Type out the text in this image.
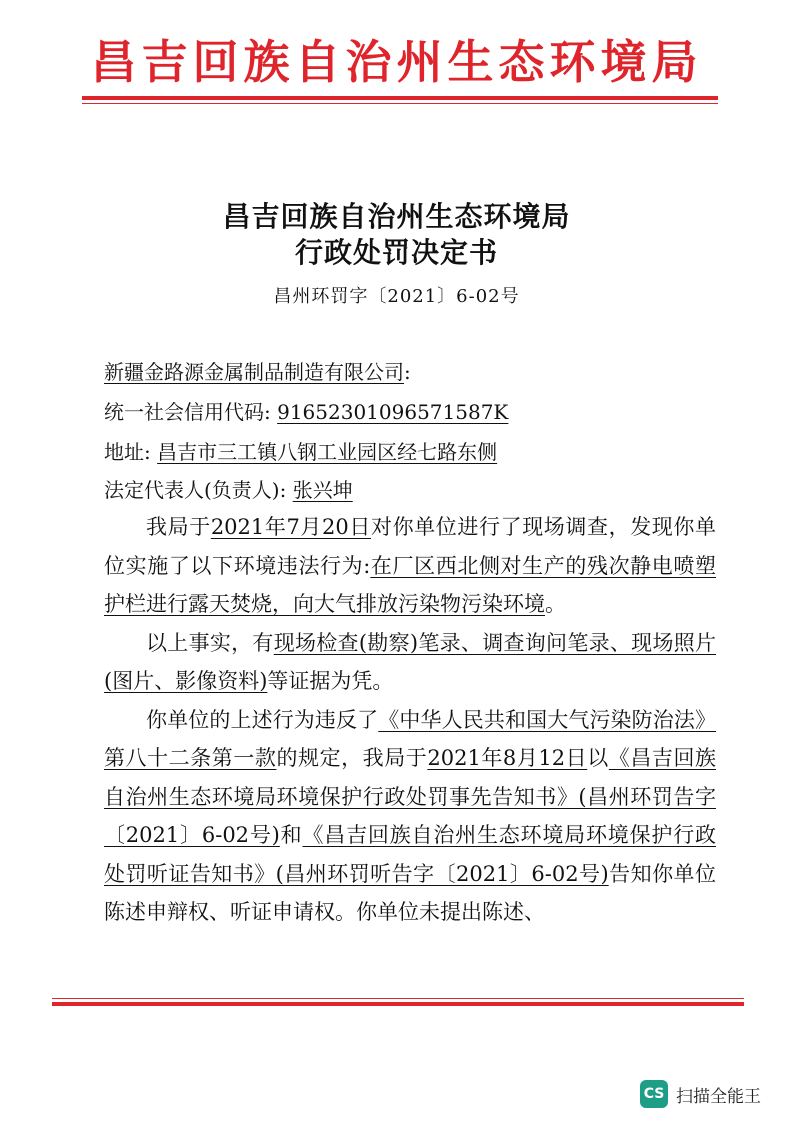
昌吉回族自治州生态环境局
昌吉回族自治州生态环境局
行政处罚决定书
昌州环罚字〔2021〕6-02号
新疆金路源金属制品制造有限公司:
统一社会信用代码: 91652301096571587K
地址: 昌吉市三工镇八钢工业园区经七路东侧
法定代表人(负责人): 张兴坤

我局于2021年7月20日对你单位进行了现场调查，发现你单位实施了以下环境违法行为:在厂区西北侧对生产的残次静电喷塑护栏进行露天焚烧，向大气排放污染物污染环境。

以上事实，有现场检查(勘察)笔录、调查询问笔录、现场照片(图片、影像资料)等证据为凭。

你单位的上述行为违反了《中华人民共和国大气污染防治法》第八十二条第一款的规定，我局于2021年8月12日以《昌吉回族自治州生态环境局环境保护行政处罚事先告知书》(昌州环罚告字〔2021〕6-02号)和《昌吉回族自治州生态环境局环境保护行政处罚听证告知书》(昌州环罚听告字〔2021〕6-02号)告知你单位陈述申辩权、听证申请权。你单位未提出陈述、

CS 扫描全能王
